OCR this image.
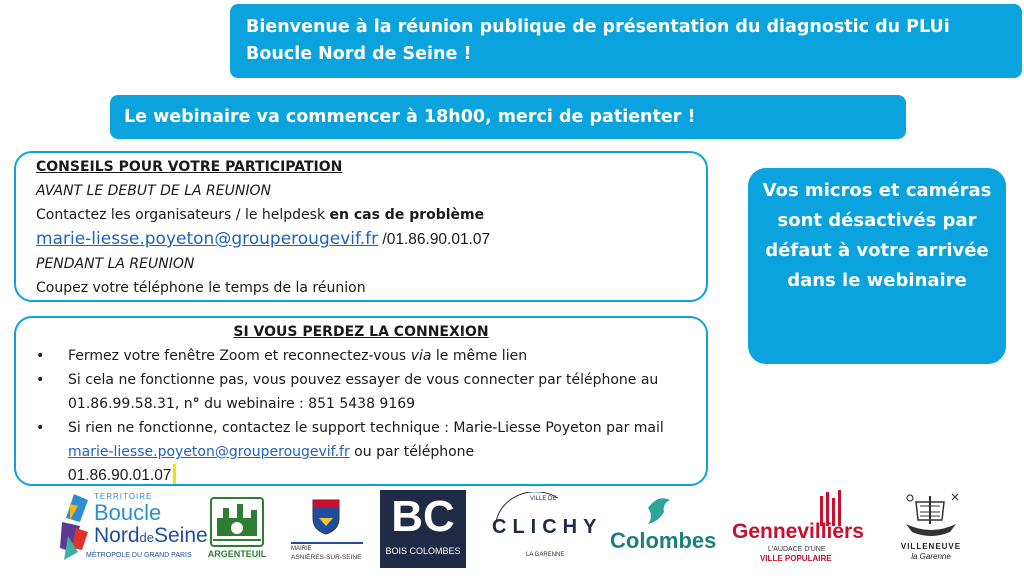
Bienvenue à la réunion publique de présentation du diagnostic du PLUi Boucle Nord de Seine !
Le webinaire va commencer à 18h00, merci de patienter !
CONSEILS POUR VOTRE PARTICIPATION
AVANT LE DEBUT DE LA REUNION
Contactez les organisateurs / le helpdesk en cas de problème
marie-liesse.poyeton@grouperougevif.fr /01.86.90.01.07
PENDANT LA REUNION
Coupez votre téléphone le temps de la réunion
SI VOUS PERDEZ LA CONNEXION
• Fermez votre fenêtre Zoom et reconnectez-vous via le même lien
• Si cela ne fonctionne pas, vous pouvez essayer de vous connecter par téléphone au 01.86.99.58.31, n° du webinaire : 851 5438 9169
• Si rien ne fonctionne, contactez le support technique : Marie-Liesse Poyeton par mail marie-liesse.poyeton@grouperougevif.fr ou par téléphone
01.86.90.01.07
Vos micros et caméras sont désactivés par défaut à votre arrivée dans le webinaire
TERRITOIRE
Boucle
NorddeSeine
MÉTROPOLE DU GRAND PARIS ARGENTEUIL	MAIRIE
ASNIÈRES-SUR-SEINE
BC
BOIS COLOMBES
VILLE DE
CLICHY
LA GARENNE
Colombes Gennevilliers
L'AUDACE D'UNE
VILLE POPULAIRE
VILLENEUVE
la Garenne
